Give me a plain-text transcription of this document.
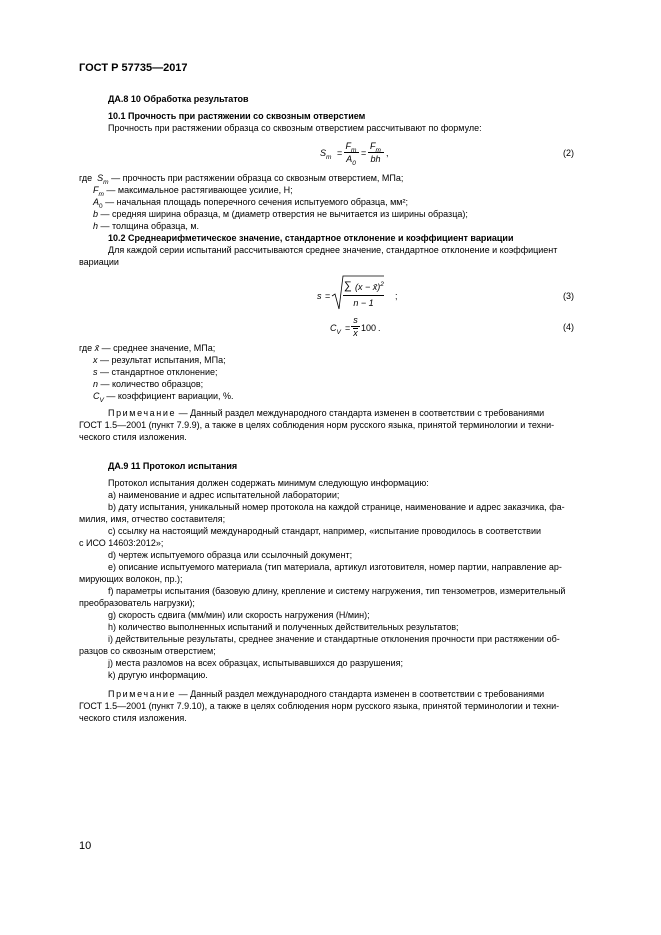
ГОСТ Р 57735—2017
ДА.8 10 Обработка результатов
10.1 Прочность при растяжении со сквозным отверстием
Прочность при растяжении образца со сквозным отверстием рассчитывают по формуле:
$S_m$ =
$F_m$
$A_0$
=
$F_m$
bh
,	(2)
где $S_m$ — прочность при растяжении образца со сквозным отверстием, МПа;
$F_m$ — максимальное растягивающее усилие, Н;
$A_0$ — начальная площадь поперечного сечения испытуемого образца, мм²;
b — средняя ширина образца, м (диаметр отверстия не вычитается из ширины образца);
h — толщина образца, м.
10.2 Среднеарифметическое значение, стандартное отклонение и коэффициент вариации
Для каждой серии испытаний рассчитываются среднее значение, стандартное отклонение и коэффициент
вариации
s =
∑ (x − x̄)$^2$
n − 1
;	(3)
$C_V$ =
s
x 100 .	(4)
где x̄ — среднее значение, МПа;
x — результат испытания, МПа;
s — стандартное отклонение;
n — количество образцов;
$C_V$ — коэффициент вариации, %.
Примечание — Данный раздел международного стандарта изменен в соответствии с требованиями
ГОСТ 1.5—2001 (пункт 7.9.9), а также в целях соблюдения норм русского языка, принятой терминологии и техни-
ческого стиля изложения.
ДА.9 11 Протокол испытания
Протокол испытания должен содержать минимум следующую информацию:
a) наименование и адрес испытательной лаборатории;
b) дату испытания, уникальный номер протокола на каждой странице, наименование и адрес заказчика, фа-
милия, имя, отчество составителя;
c) ссылку на настоящий международный стандарт, например, «испытание проводилось в соответствии
с ИСО 14603:2012»;
d) чертеж испытуемого образца или ссылочный документ;
e) описание испытуемого материала (тип материала, артикул изготовителя, номер партии, направление ар-
мирующих волокон, пр.);
f) параметры испытания (базовую длину, крепление и систему нагружения, тип тензометров, измерительный
преобразователь нагрузки);
g) скорость сдвига (мм/мин) или скорость нагружения (Н/мин);
h) количество выполненных испытаний и полученных действительных результатов;
i) действительные результаты, среднее значение и стандартные отклонения прочности при растяжении об-
разцов со сквозным отверстием;
j) места разломов на всех образцах, испытывавшихся до разрушения;
k) другую информацию.
Примечание — Данный раздел международного стандарта изменен в соответствии с требованиями
ГОСТ 1.5—2001 (пункт 7.9.10), а также в целях соблюдения норм русского языка, принятой терминологии и техни-
ческого стиля изложения.
10
